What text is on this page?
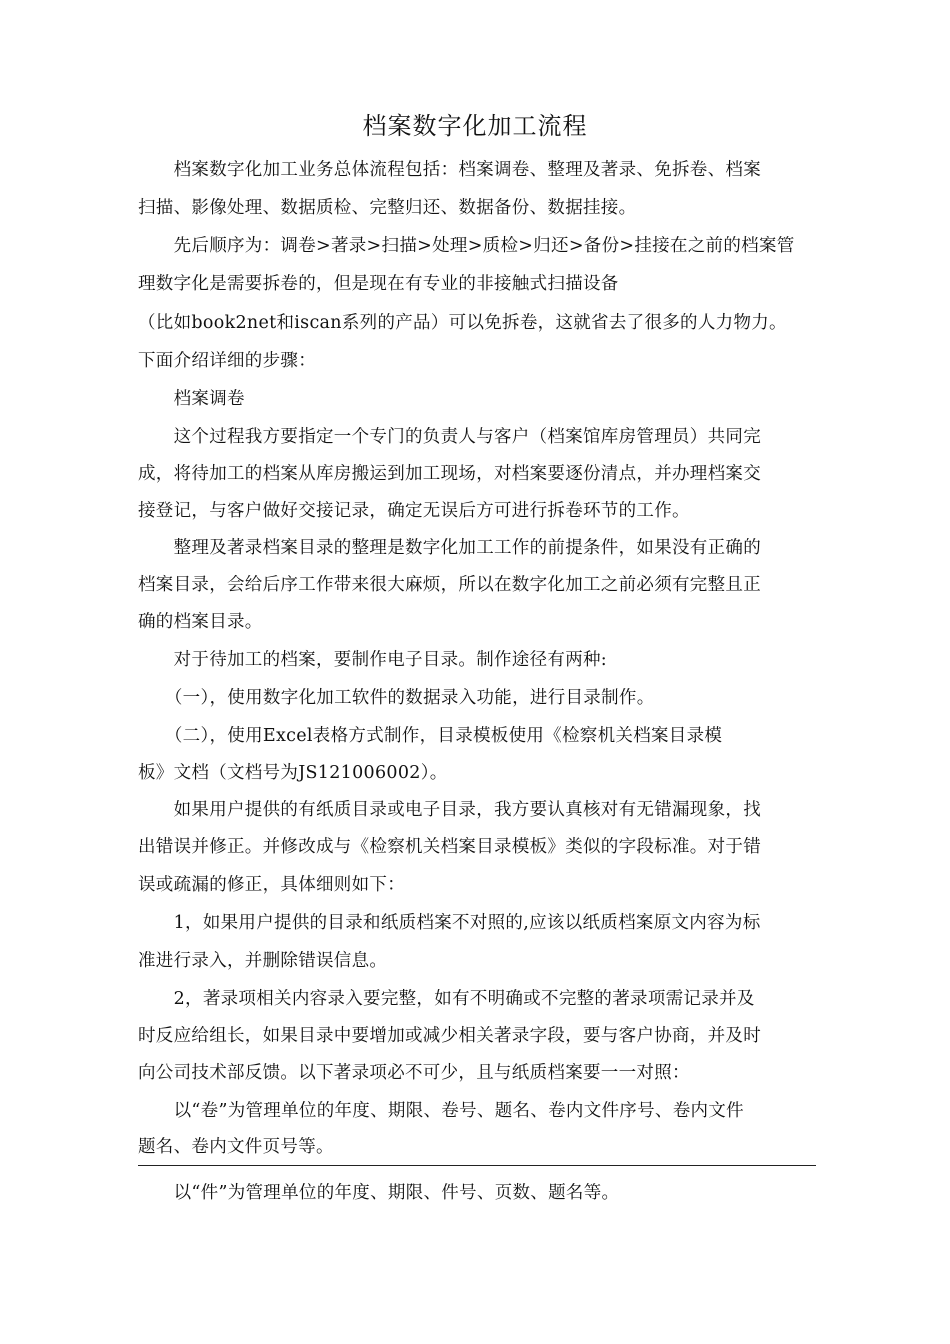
档案数字化加工流程
　　档案数字化加工业务总体流程包括：档案调卷、整理及著录、免拆卷、档案
扫描、影像处理、数据质检、完整归还、数据备份、数据挂接。
　　先后顺序为：调卷>著录>扫描>处理>质检>归还>备份>挂接在之前的档案管
理数字化是需要拆卷的，但是现在有专业的非接触式扫描设备
（比如book2net和iscan系列的产品）可以免拆卷，这就省去了很多的人力物力。
下面介绍详细的步骤：
　　档案调卷
　　这个过程我方要指定一个专门的负责人与客户（档案馆库房管理员）共同完
成，将待加工的档案从库房搬运到加工现场，对档案要逐份清点，并办理档案交
接登记，与客户做好交接记录，确定无误后方可进行拆卷环节的工作。
　　整理及著录档案目录的整理是数字化加工工作的前提条件，如果没有正确的
档案目录，会给后序工作带来很大麻烦，所以在数字化加工之前必须有完整且正
确的档案目录。
　　对于待加工的档案，要制作电子目录。制作途径有两种:
　　（一），使用数字化加工软件的数据录入功能，进行目录制作。
　　（二），使用Excel表格方式制作，目录模板使用《检察机关档案目录模
板》文档（文档号为JS121006002）。
　　如果用户提供的有纸质目录或电子目录，我方要认真核对有无错漏现象，找
出错误并修正。并修改成与《检察机关档案目录模板》类似的字段标准。对于错
误或疏漏的修正，具体细则如下：
　　1，如果用户提供的目录和纸质档案不对照的,应该以纸质档案原文内容为标
准进行录入，并删除错误信息。
　　2，著录项相关内容录入要完整，如有不明确或不完整的著录项需记录并及
时反应给组长，如果目录中要增加或减少相关著录字段，要与客户协商，并及时
向公司技术部反馈。以下著录项必不可少，且与纸质档案要一一对照：
　　以“卷”为管理单位的年度、期限、卷号、题名、卷内文件序号、卷内文件
题名、卷内文件页号等。
　　以“件”为管理单位的年度、期限、件号、页数、题名等。
